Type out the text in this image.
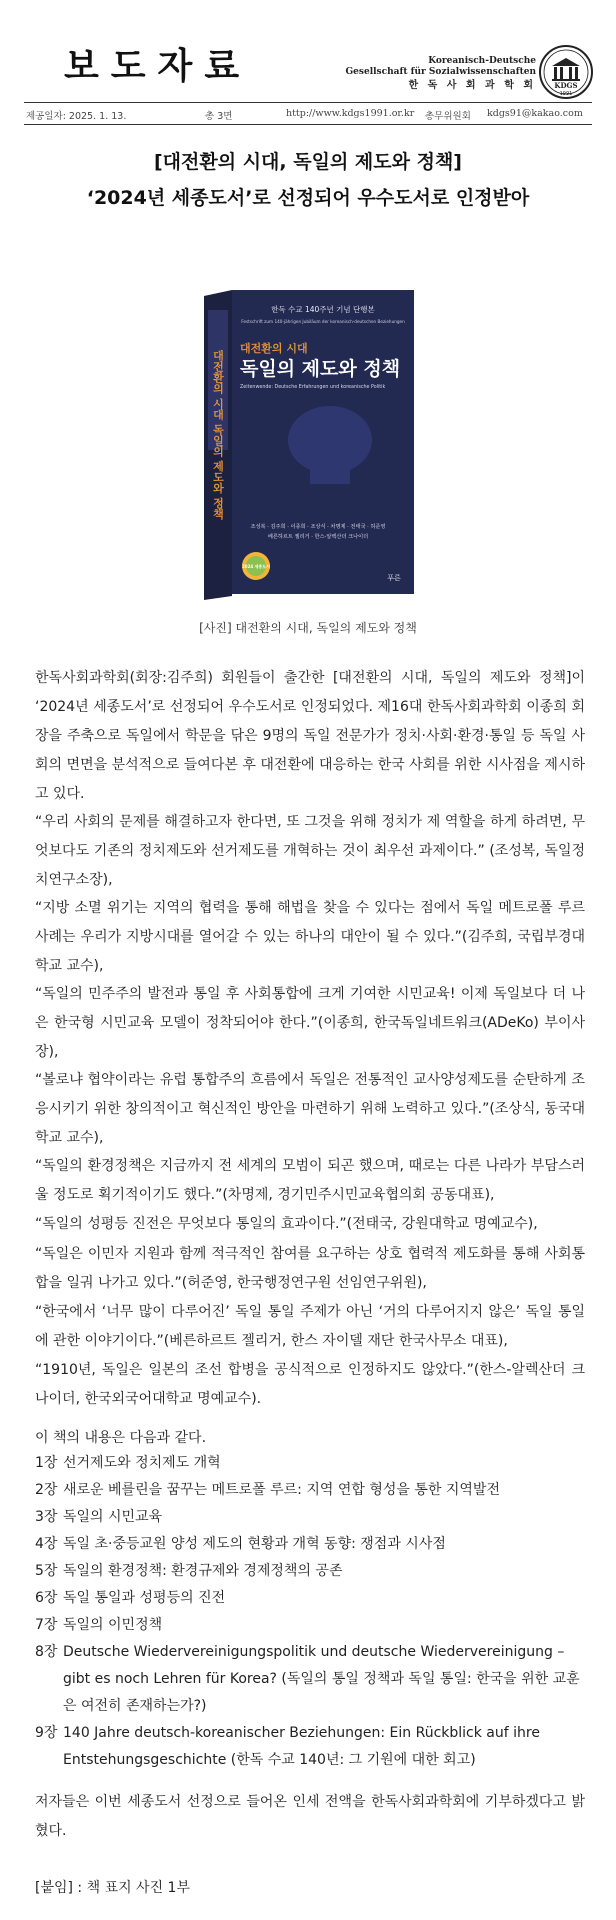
보도자료	Koreanisch-Deutsche
Gesellschaft für Sozialwissenschaften
한 독 사 회 과 학 회	KDGS
1991
제공일자: 2025. 1. 13.	총 3면	http://www.kdgs1991.or.kr 총무위원회 kdgs91@kakao.com
[대전환의 시대, 독일의 제도와 정책]
‘2024년 세종도서’로 선정되어 우수도서로 인정받아
대전환의 시대 독일의 제도와 정책
한독 수교 140주년 기념 단행본
Festschrift zum 140-jährigen Jubiläum der koreanisch-deutschen Beziehungen
대전환의 시대
독일의 제도와 정책
Zeitenwende: Deutsche Erfahrungen und koreanische Politik
조성복 · 김주희 · 이종희 · 조상식 · 차명제 · 전태국 · 허준영
베른하르트 젤리거 · 한스-알렉산더 크나이더
2024 세종도서
푸른
[사진] 대전환의 시대, 독일의 제도와 정책

한독사회과학회(회장:김주희) 회원들이 출간한 [대전환의 시대, 독일의 제도와 정책]이 ‘2024년 세종도서’로 선정되어 우수도서로 인정되었다. 제16대 한독사회과학회 이종희 회장을 주축으로 독일에서 학문을 닦은 9명의 독일 전문가가 정치·사회·환경·통일 등 독일 사회의 면면을 분석적으로 들여다본 후 대전환에 대응하는 한국 사회를 위한 시사점을 제시하고 있다.

“우리 사회의 문제를 해결하고자 한다면, 또 그것을 위해 정치가 제 역할을 하게 하려면, 무엇보다도 기존의 정치제도와 선거제도를 개혁하는 것이 최우선 과제이다.” (조성복, 독일정치연구소장),

“지방 소멸 위기는 지역의 협력을 통해 해법을 찾을 수 있다는 점에서 독일 메트로폴 루르 사례는 우리가 지방시대를 열어갈 수 있는 하나의 대안이 될 수 있다.”(김주희, 국립부경대학교 교수),

“독일의 민주주의 발전과 통일 후 사회통합에 크게 기여한 시민교육! 이제 독일보다 더 나은 한국형 시민교육 모델이 정착되어야 한다.”(이종희, 한국독일네트워크(ADeKo) 부이사장),

“볼로냐 협약이라는 유럽 통합주의 흐름에서 독일은 전통적인 교사양성제도를 순탄하게 조응시키기 위한 창의적이고 혁신적인 방안을 마련하기 위해 노력하고 있다.”(조상식, 동국대학교 교수),

“독일의 환경정책은 지금까지 전 세계의 모범이 되곤 했으며, 때로는 다른 나라가 부담스러울 정도로 획기적이기도 했다.”(차명제, 경기민주시민교육협의회 공동대표),

“독일의 성평등 진전은 무엇보다 통일의 효과이다.”(전태국, 강원대학교 명예교수),

“독일은 이민자 지원과 함께 적극적인 참여를 요구하는 상호 협력적 제도화를 통해 사회통합을 일궈 나가고 있다.”(허준영, 한국행정연구원 선임연구위원),

“한국에서 ‘너무 많이 다루어진’ 독일 통일 주제가 아닌 ‘거의 다루어지지 않은’ 독일 통일에 관한 이야기이다.”(베른하르트 젤리거, 한스 자이델 재단 한국사무소 대표),

“1910년, 독일은 일본의 조선 합병을 공식적으로 인정하지도 않았다.”(한스-알렉산더 크나이더, 한국외국어대학교 명예교수).

이 책의 내용은 다음과 같다.

1장 선거제도와 정치제도 개혁
2장 새로운 베를린을 꿈꾸는 메트로폴 루르: 지역 연합 형성을 통한 지역발전
3장 독일의 시민교육
4장 독일 초·중등교원 양성 제도의 현황과 개혁 동향: 쟁점과 시사점
5장 독일의 환경정책: 환경규제와 경제정책의 공존
6장 독일 통일과 성평등의 진전
7장 독일의 이민정책
8장 Deutsche Wiedervereinigungspolitik und deutsche Wiedervereinigung – gibt es noch Lehren für Korea? (독일의 통일 정책과 독일 통일: 한국을 위한 교훈은 여전히 존재하는가?)
9장 140 Jahre deutsch-koreanischer Beziehungen: Ein Rückblick auf ihre Entstehungsgeschichte (한독 수교 140년: 그 기원에 대한 회고)

저자들은 이번 세종도서 선정으로 들어온 인세 전액을 한독사회과학회에 기부하겠다고 밝혔다.

[붙임] : 책 표지 사진 1부
